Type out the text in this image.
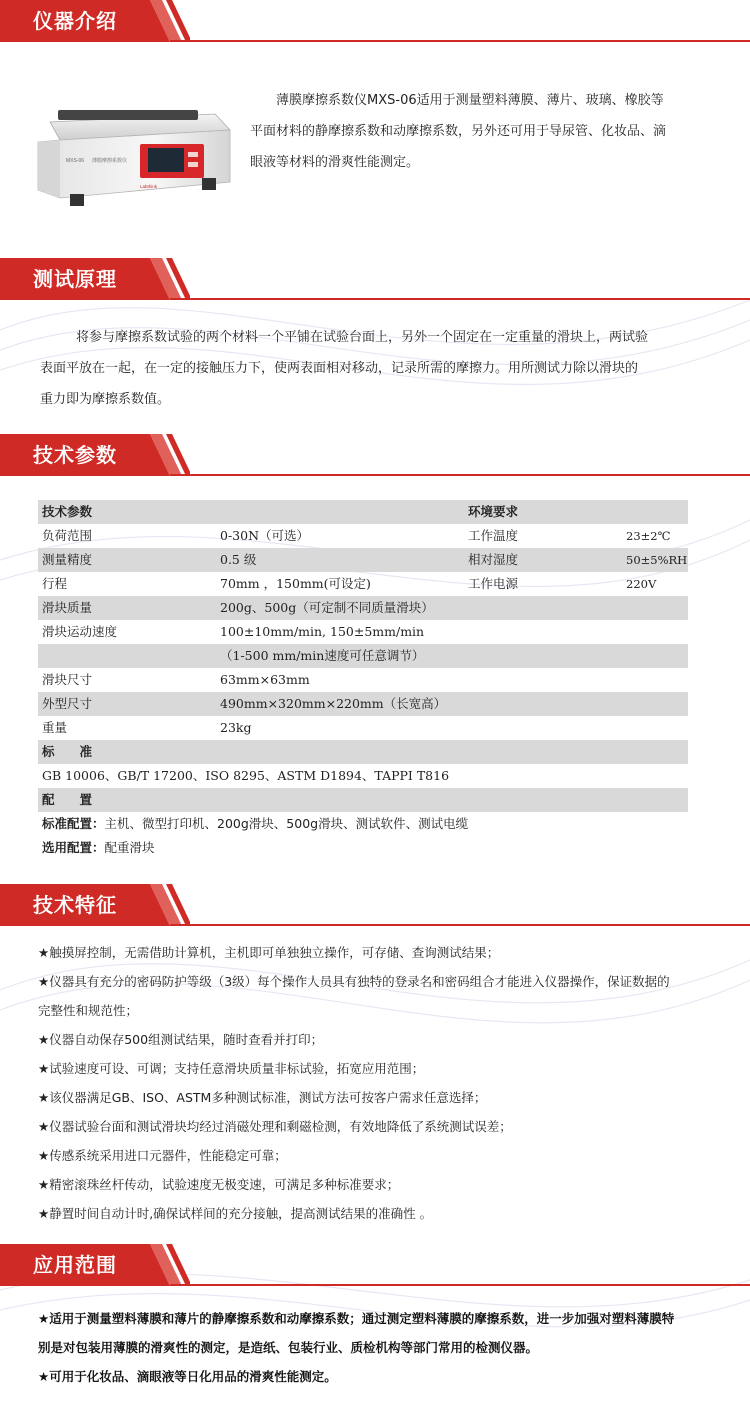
仪器介绍
MXS-06 薄膜摩擦系数仪
Labthink
薄膜摩擦系数仪MXS-06适用于测量塑料薄膜、薄片、玻璃、橡胶等
平面材料的静摩擦系数和动摩擦系数，另外还可用于导尿管、化妆品、滴
眼液等材料的滑爽性能测定。
测试原理
将参与摩擦系数试验的两个材料一个平铺在试验台面上，另外一个固定在一定重量的滑块上，两试验
表面平放在一起，在一定的接触压力下，使两表面相对移动，记录所需的摩擦力。用所测试力除以滑块的
重力即为摩擦系数值。
技术参数
技术参数	环境要求
负荷范围	0-30N（可选）	工作温度	23±2℃
测量精度	0.5 级	相对湿度	50±5%RH
行程	70mm ，150mm(可设定)	工作电源	220V
滑块质量	200g、500g（可定制不同质量滑块）
滑块运动速度	100±10mm/min, 150±5mm/min
（1-500 mm/min速度可任意调节）
滑块尺寸	63mm×63mm
外型尺寸	490mm×320mm×220mm（长宽高）
重量	23kg
标　　准
GB 10006、GB/T 17200、ISO 8295、ASTM D1894、TAPPI T816
配　　置
标准配置：主机、微型打印机、200g滑块、500g滑块、测试软件、测试电缆
选用配置：配重滑块
技术特征
★触摸屏控制，无需借助计算机，主机即可单独独立操作，可存储、查询测试结果；
★仪器具有充分的密码防护等级（3级）每个操作人员具有独特的登录名和密码组合才能进入仪器操作，保证数据的
完整性和规范性；
★仪器自动保存500组测试结果，随时查看并打印；
★试验速度可设、可调；支持任意滑块质量非标试验，拓宽应用范围；
★该仪器满足GB、ISO、ASTM多种测试标准，测试方法可按客户需求任意选择；
★仪器试验台面和测试滑块均经过消磁处理和剩磁检测，有效地降低了系统测试误差；
★传感系统采用进口元器件，性能稳定可靠；
★精密滚珠丝杆传动，试验速度无极变速，可满足多种标准要求；
★静置时间自动计时,确保试样间的充分接触，提高测试结果的准确性 。
应用范围
★适用于测量塑料薄膜和薄片的静摩擦系数和动摩擦系数；通过测定塑料薄膜的摩擦系数，进一步加强对塑料薄膜特
别是对包装用薄膜的滑爽性的测定，是造纸、包装行业、质检机构等部门常用的检测仪器。
★可用于化妆品、滴眼液等日化用品的滑爽性能测定。
